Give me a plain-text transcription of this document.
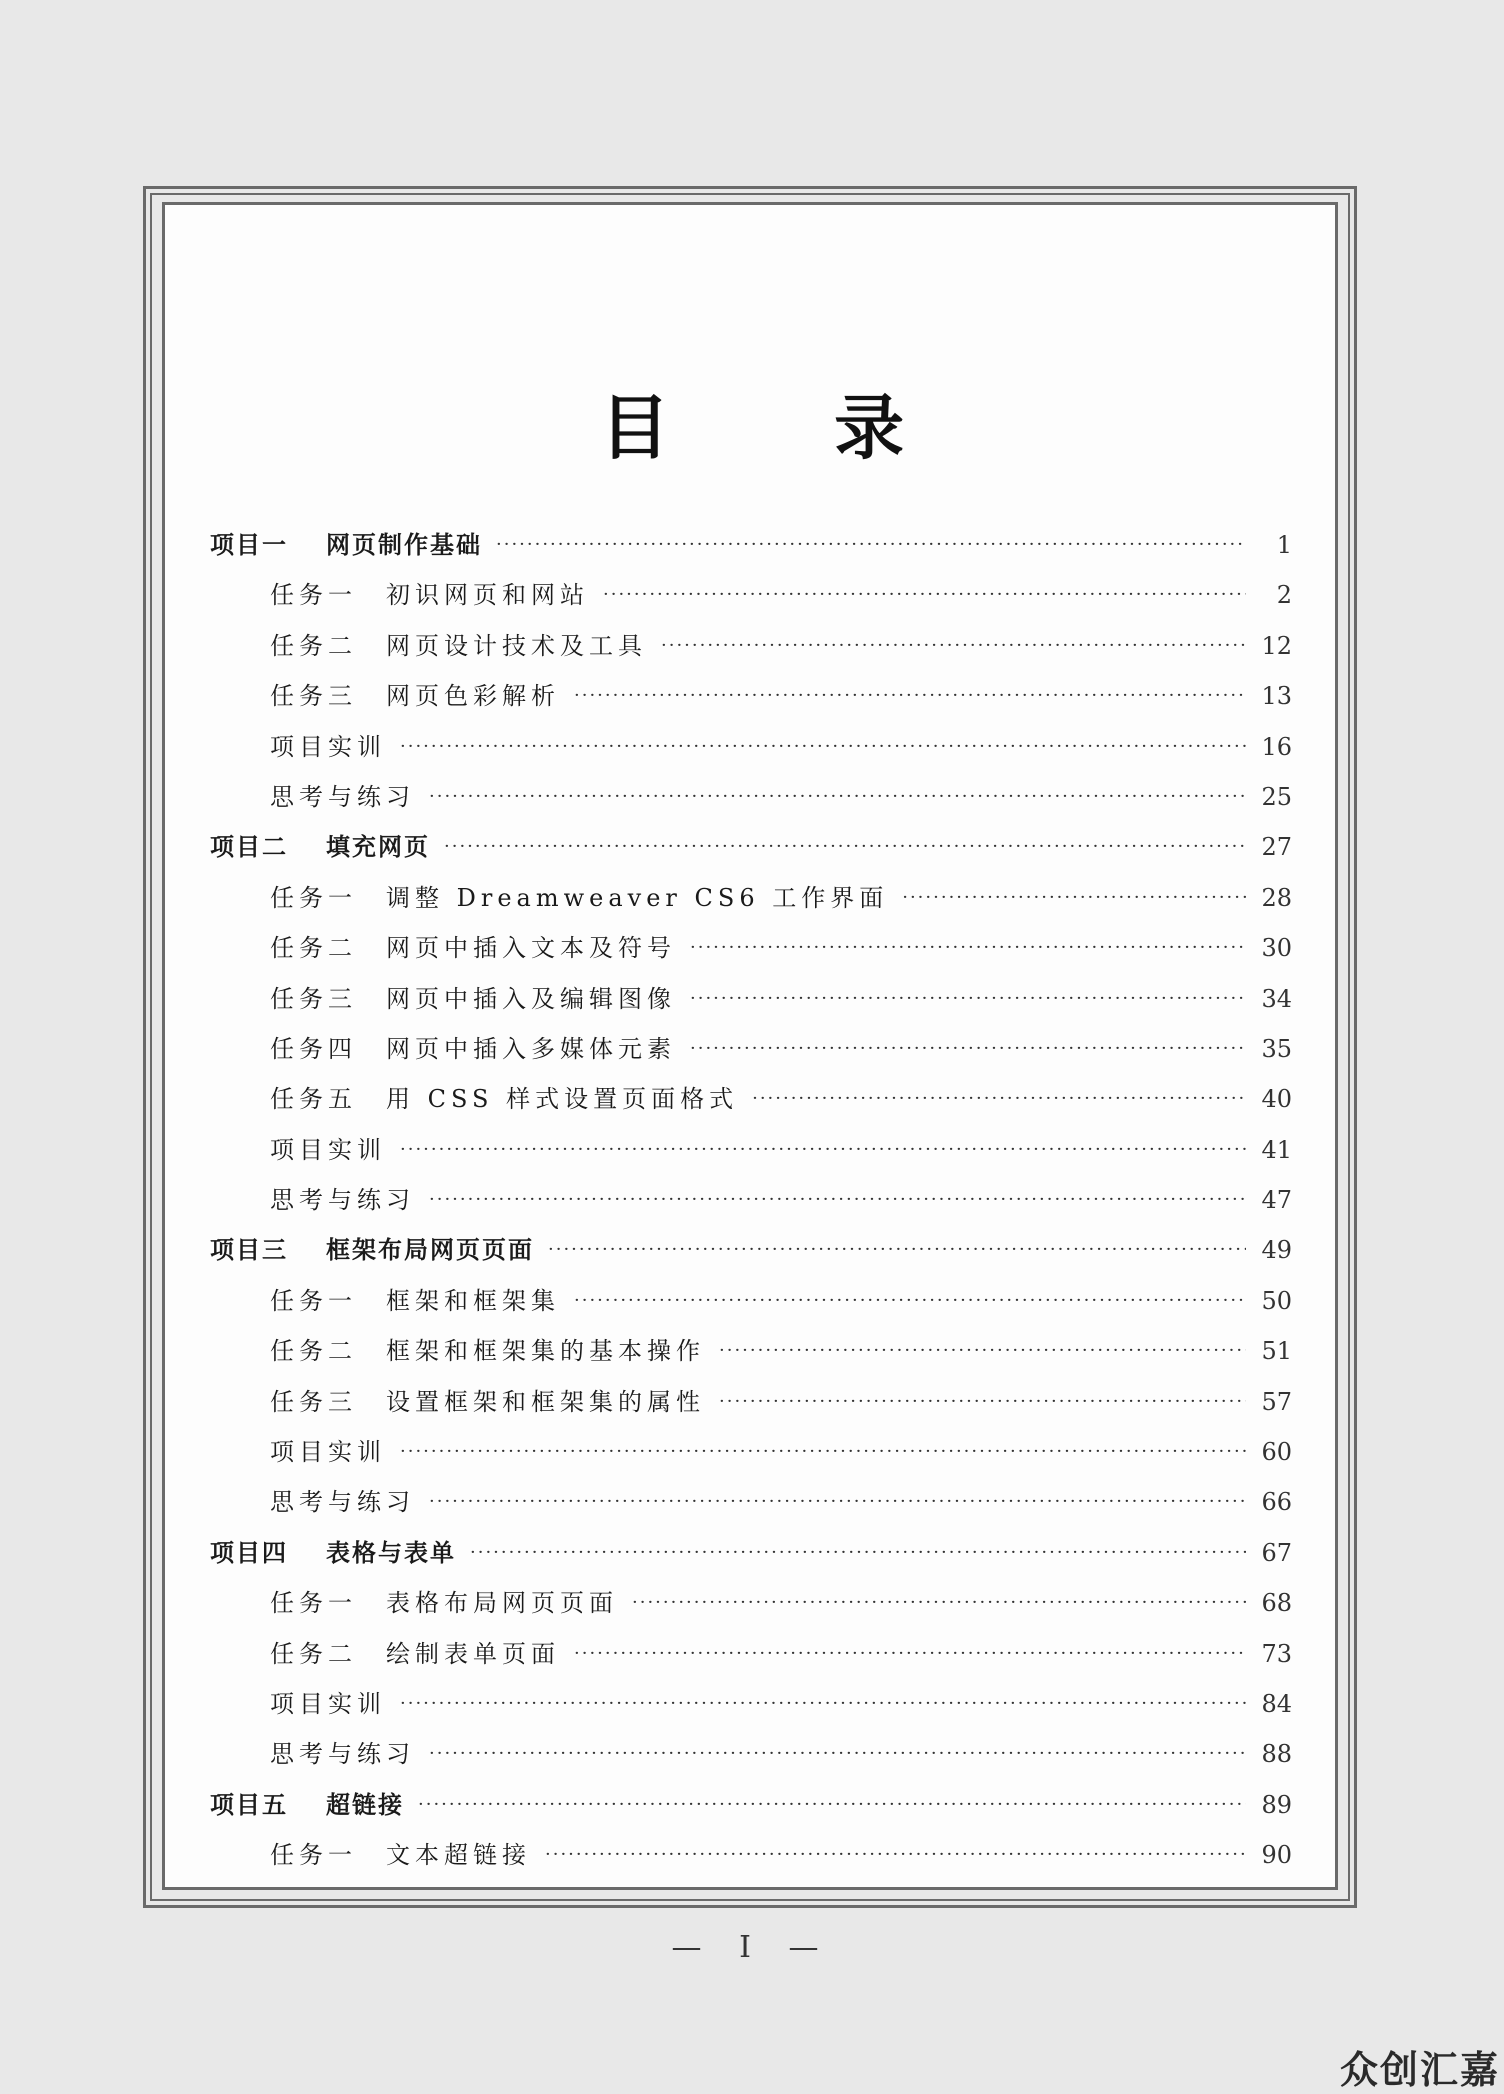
目 录
项目一	网页制作基础 ·····	1
任务一	初识网页和网站 ·····	2
任务二	网页设计技术及工具 ·····	12
任务三	网页色彩解析 ·····	13
项目实训 ·····	16
思考与练习 ·····	25
项目二	填充网页 ·····	27
任务一	调整 Dreamweaver CS6 工作界面 ·····	28
任务二	网页中插入文本及符号 ·····	30
任务三	网页中插入及编辑图像 ·····	34
任务四	网页中插入多媒体元素 ·····	35
任务五	用 CSS 样式设置页面格式 ·····	40
项目实训 ·····	41
思考与练习 ·····	47
项目三	框架布局网页页面 ·····	49
任务一	框架和框架集 ·····	50
任务二	框架和框架集的基本操作 ·····	51
任务三	设置框架和框架集的属性 ·····	57
项目实训 ·····	60
思考与练习 ·····	66
项目四	表格与表单 ·····	67
任务一	表格布局网页页面 ·····	68
任务二	绘制表单页面 ·····	73
项目实训 ·····	84
思考与练习 ·····	88
项目五	超链接 ·····	89
任务一	文本超链接 ·····	90
— I —
众创汇嘉
